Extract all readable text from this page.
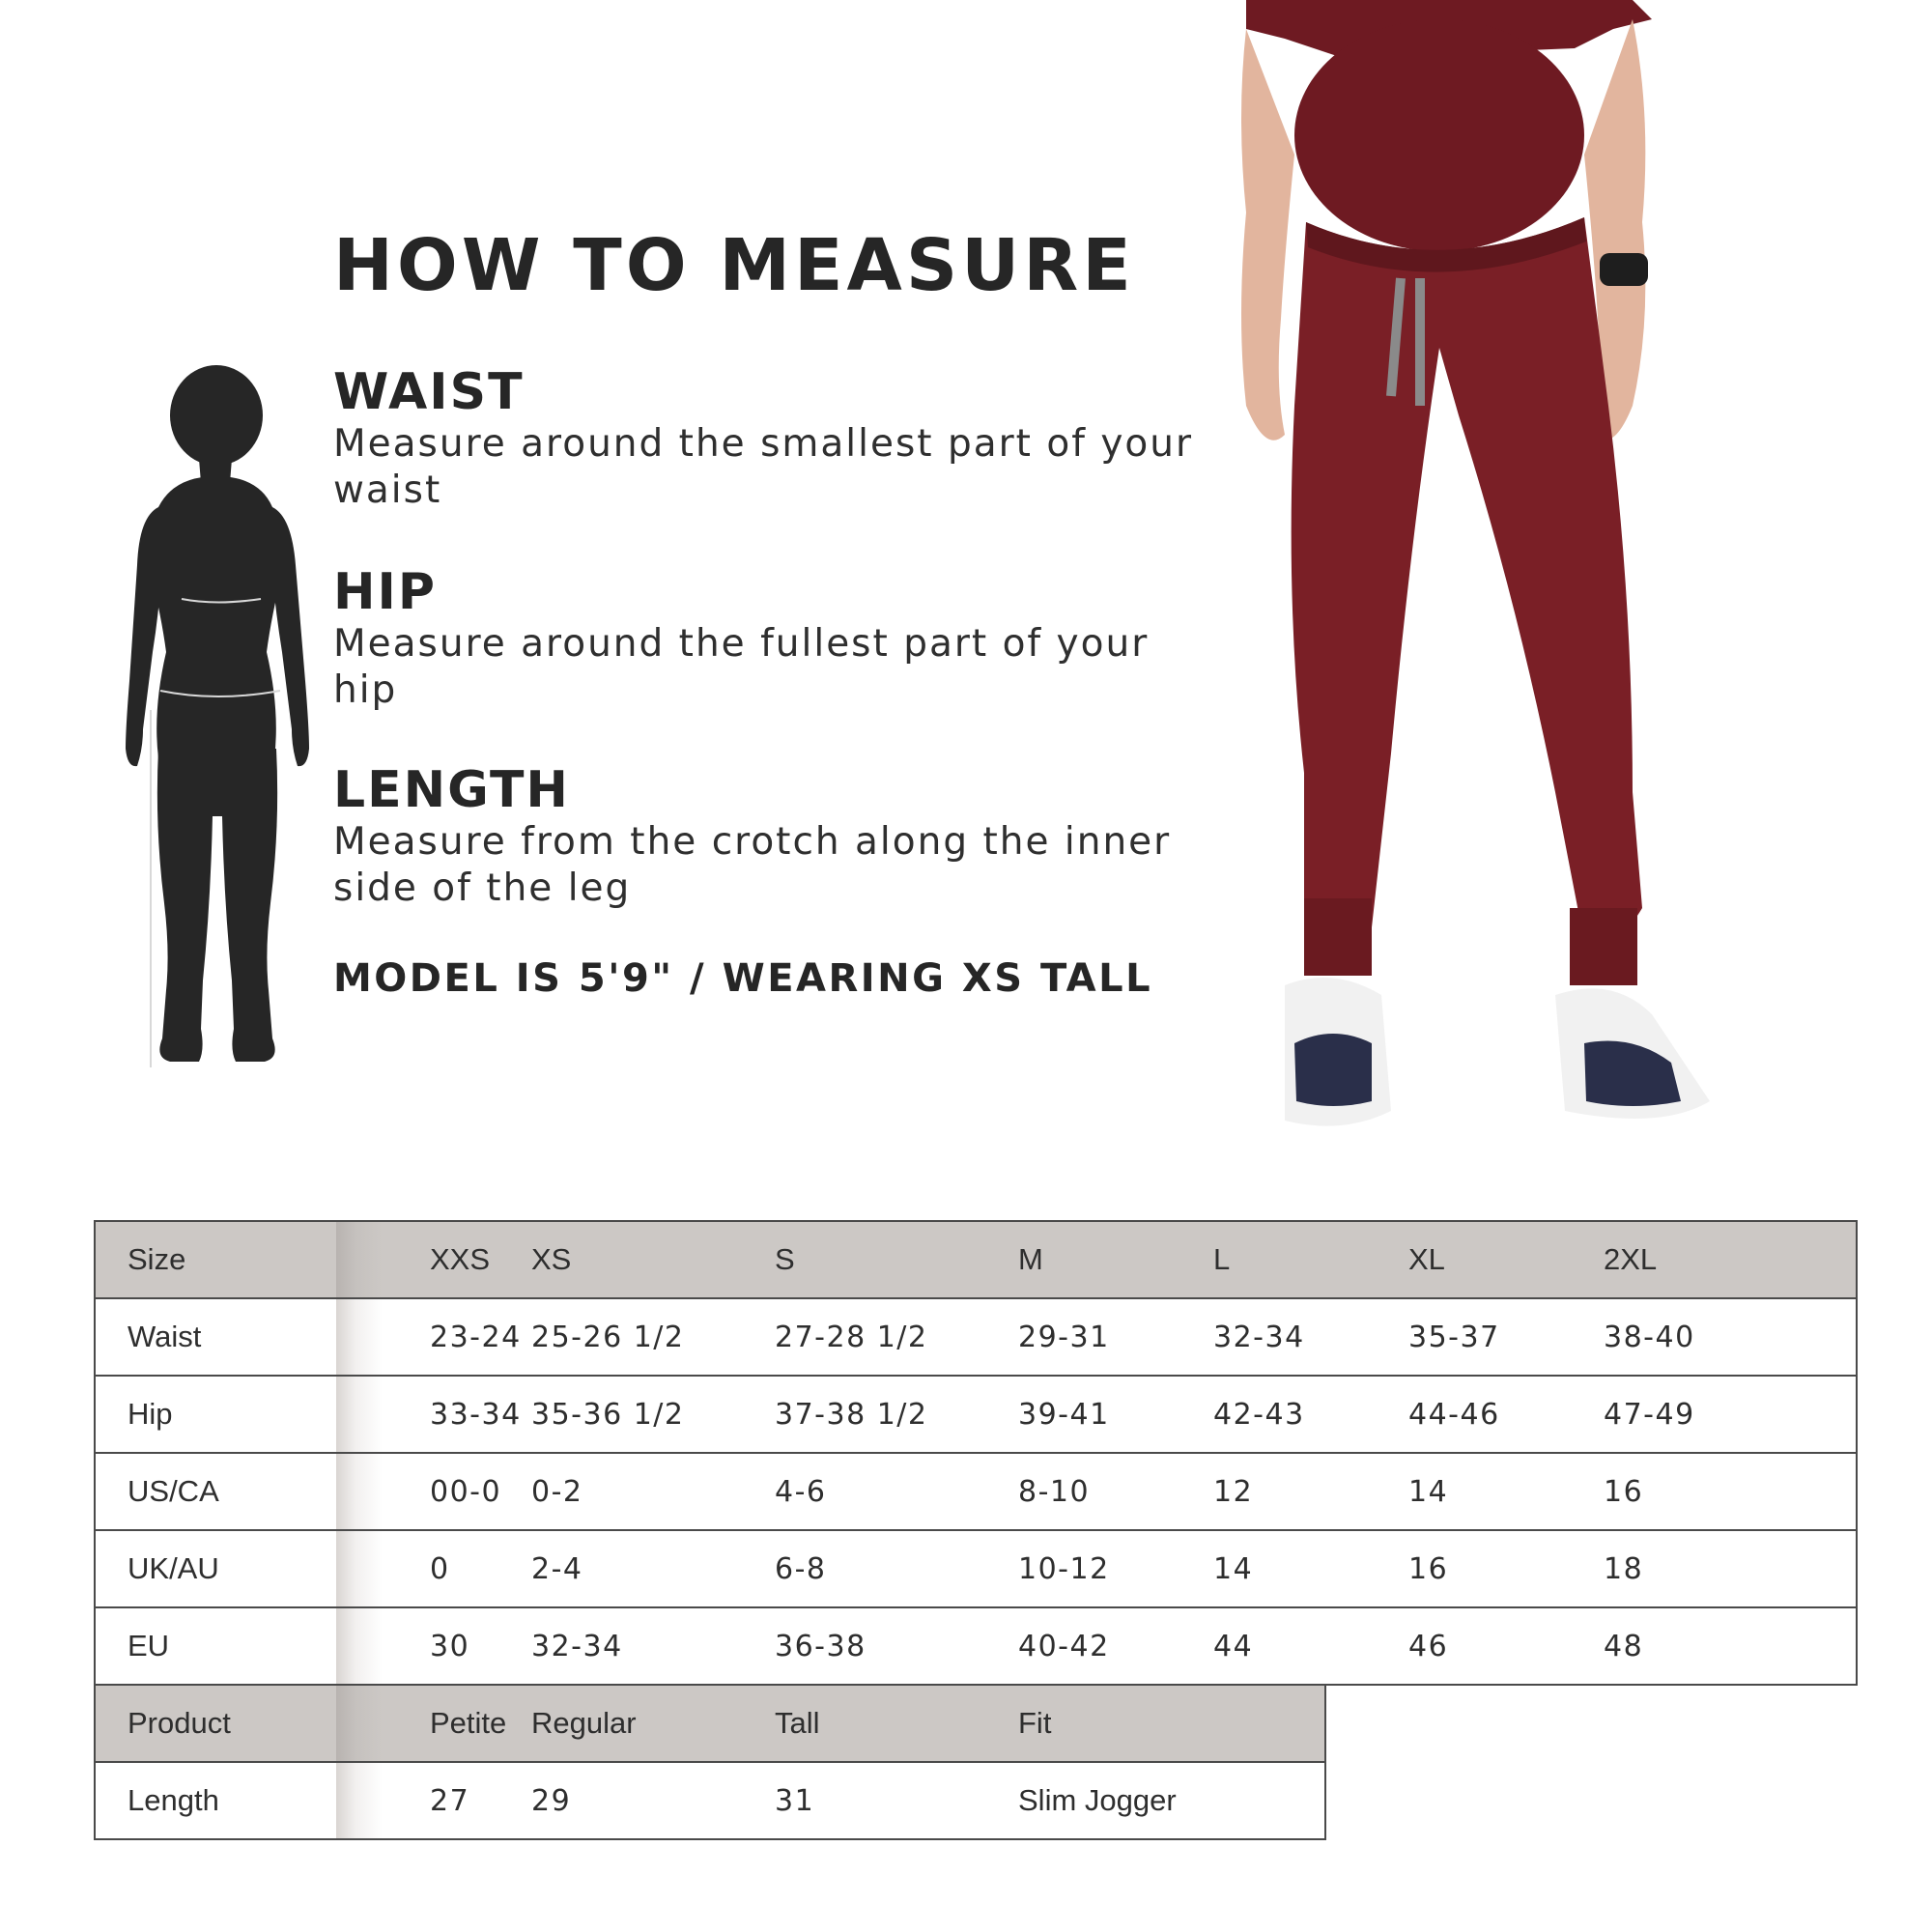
HOW TO MEASURE
WAIST

Measure around the smallest part of your waist

HIP

Measure around the fullest part of your hip

LENGTH

Measure from the crotch along the inner side of the leg

MODEL IS 5'9" / WEARING XS TALL
Size	XXS	XS	S	M	L	XL	2XL
Waist	23-24	25-26 1/2	27-28 1/2	29-31	32-34	35-37	38-40
Hip	33-34	35-36 1/2	37-38 1/2	39-41	42-43	44-46	47-49
US/CA	00-0	0-2	4-6	8-10	12	14	16
UK/AU	0	2-4	6-8	10-12	14	16	18
EU	30	32-34	36-38	40-42	44	46	48
Product	Petite	Regular	Tall	Fit
Length	27	29	31	Slim Jogger
